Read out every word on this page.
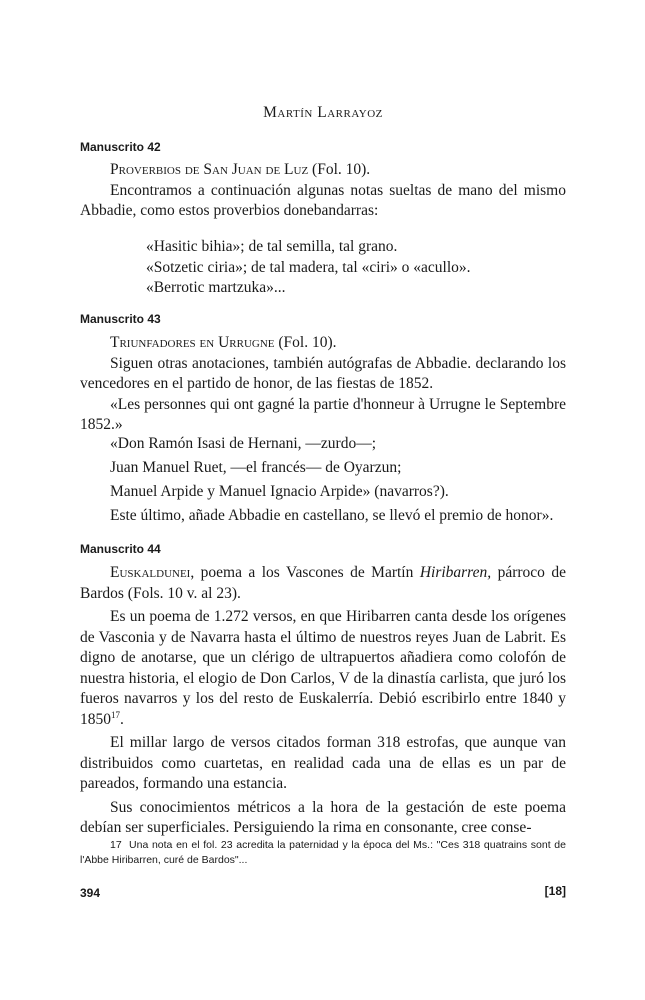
Martín Larrayoz

Manuscrito 42

Proverbios de San Juan de Luz (Fol. 10).

Encontramos a continuación algunas notas sueltas de mano del mismo Abbadie, como estos proverbios donebandarras:

«Hasitic bihia»; de tal semilla, tal grano.

«Sotzetic ciria»; de tal madera, tal «ciri» o «acullo».

«Berrotic martzuka»...

Manuscrito 43

Triunfadores en Urrugne (Fol. 10).

Siguen otras anotaciones, también autógrafas de Abbadie. declarando los vencedores en el partido de honor, de las fiestas de 1852.

«Les personnes qui ont gagné la partie d'honneur à Urrugne le Septembre 1852.»

«Don Ramón Isasi de Hernani, —zurdo—;

Juan Manuel Ruet, —el francés— de Oyarzun;

Manuel Arpide y Manuel Ignacio Arpide» (navarros?).

Este último, añade Abbadie en castellano, se llevó el premio de honor».

Manuscrito 44

Euskaldunei, poema a los Vascones de Martín Hiribarren, párroco de Bardos (Fols. 10 v. al 23).

Es un poema de 1.272 versos, en que Hiribarren canta desde los orígenes de Vasconia y de Navarra hasta el último de nuestros reyes Juan de Labrit. Es digno de anotarse, que un clérigo de ultrapuertos añadiera como colofón de nuestra historia, el elogio de Don Carlos, V de la dinastía carlista, que juró los fueros navarros y los del resto de Euskalerría. Debió escribirlo entre 1840 y 1850$^{17}$.

El millar largo de versos citados forman 318 estrofas, que aunque van distribuidos como cuartetas, en realidad cada una de ellas es un par de pareados, formando una estancia.

Sus conocimientos métricos a la hora de la gestación de este poema debían ser superficiales. Persiguiendo la rima en consonante, cree conse-

17 Una nota en el fol. 23 acredita la paternidad y la época del Ms.: "Ces 318 quatrains sont de l'Abbe Hiribarren, curé de Bardos"...

394	[18]
